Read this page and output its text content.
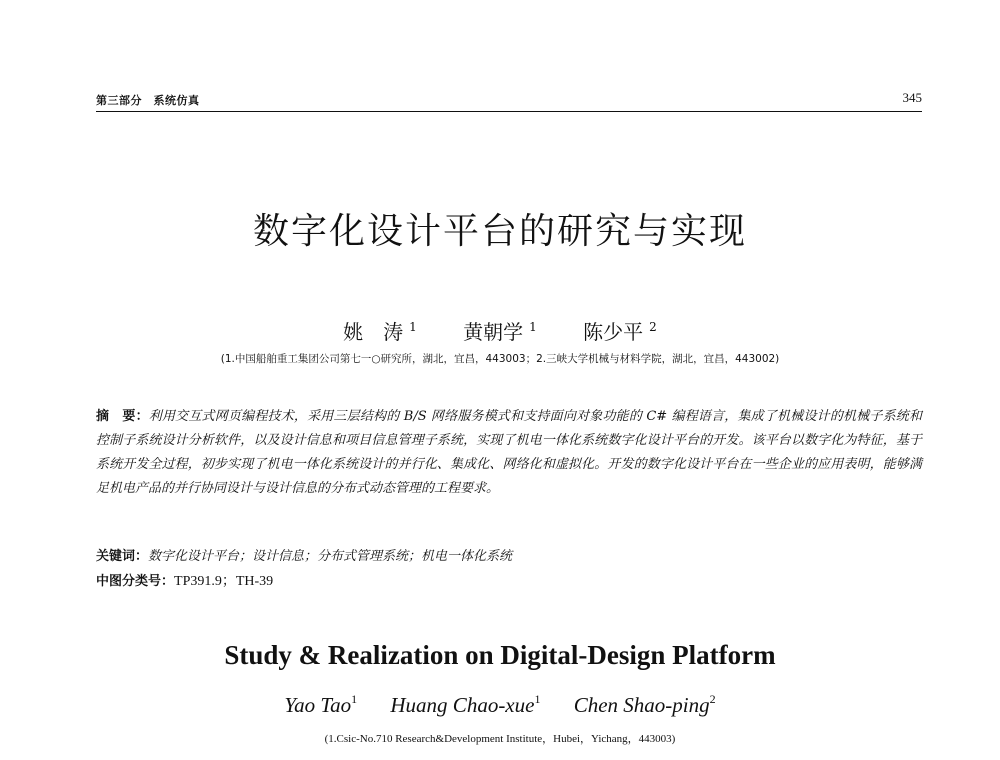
第三部分　系统仿真	345
数字化设计平台的研究与实现
姚　涛 $^1$ 黄朝学 $^1$ 陈少平 $^2$
(1.中国船舶重工集团公司第七一○研究所，湖北，宜昌，443003；2.三峡大学机械与材料学院，湖北，宜昌，443002)
摘　要：利用交互式网页编程技术，采用三层结构的 B/S 网络服务模式和支持面向对象功能的 C# 编程语言，集成了机械设计的机械子系统和控制子系统设计分析软件，以及设计信息和项目信息管理子系统，实现了机电一体化系统数字化设计平台的开发。该平台以数字化为特征，基于系统开发全过程，初步实现了机电一体化系统设计的并行化、集成化、网络化和虚拟化。开发的数字化设计平台在一些企业的应用表明，能够满足机电产品的并行协同设计与设计信息的分布式动态管理的工程要求。
关键词：数字化设计平台；设计信息；分布式管理系统；机电一体化系统
中图分类号：TP391.9；TH-39
Study & Realization on Digital-Design Platform
Yao Tao$^1$ Huang Chao-xue$^1$ Chen Shao-ping$^2$
(1.Csic-No.710 Research&Development Institute，Hubei，Yichang，443003)
